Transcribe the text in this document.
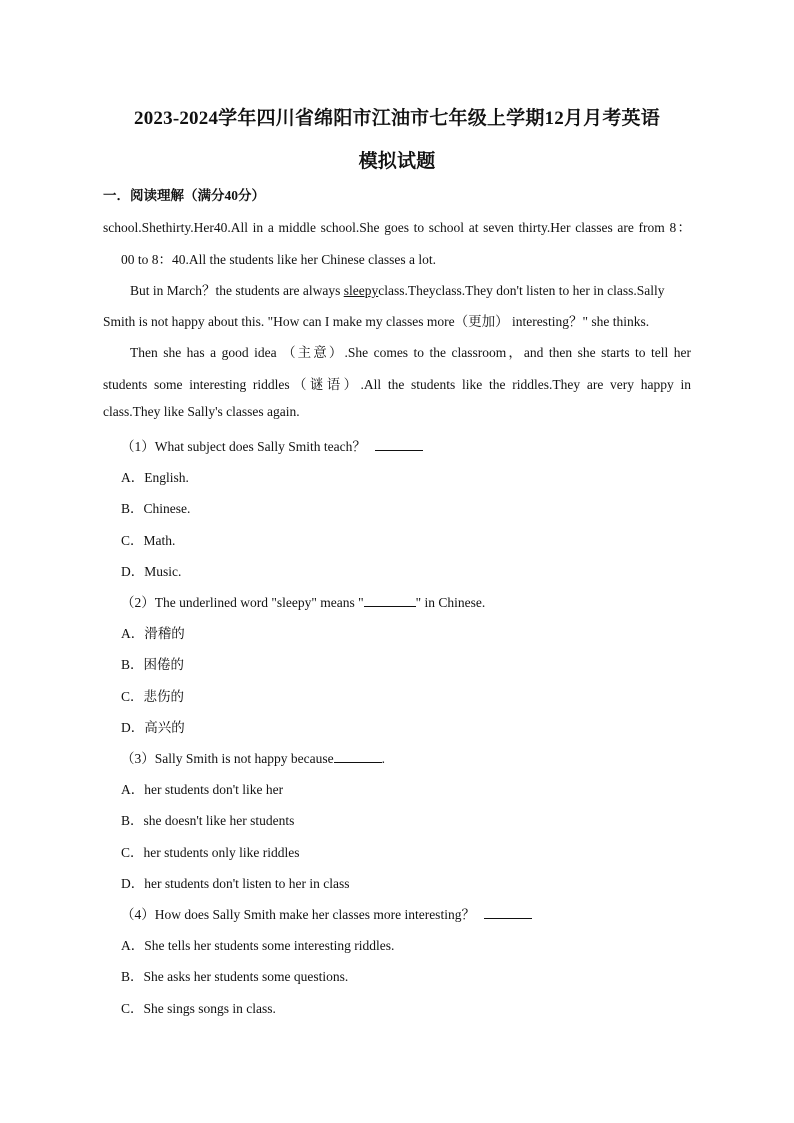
2023-2024学年四川省绵阳市江油市七年级上学期12月月考英语
模拟试题
一．阅读理解（满分40分）
school.Shethirty.Her40.All in a middle school.She goes to school at seven thirty.Her classes are from 8：
00 to 8：40.All the students like her Chinese classes a lot.
But in March？the students are always sleepyclass.Theyclass.They don't listen to her in class.Sally
Smith is not happy about this. "How can I make my classes more（更加） interesting？" she thinks.
Then she has a good idea （主意）.She comes to the classroom，and then she starts to tell her
students some interesting riddles（谜语）.All the students like the riddles.They are very happy in
class.They like Sally's classes again.
（1）What subject does Sally Smith teach？
A．English.
B．Chinese.
C．Math.
D．Music.
（2）The underlined word "sleepy" means "	" in Chinese.
A．滑稽的
B．困倦的
C．悲伤的
D．高兴的
（3）Sally Smith is not happy because	.
A．her students don't like her
B．she doesn't like her students
C．her students only like riddles
D．her students don't listen to her in class
（4）How does Sally Smith make her classes more interesting？
A．She tells her students some interesting riddles.
B．She asks her students some questions.
C．She sings songs in class.
